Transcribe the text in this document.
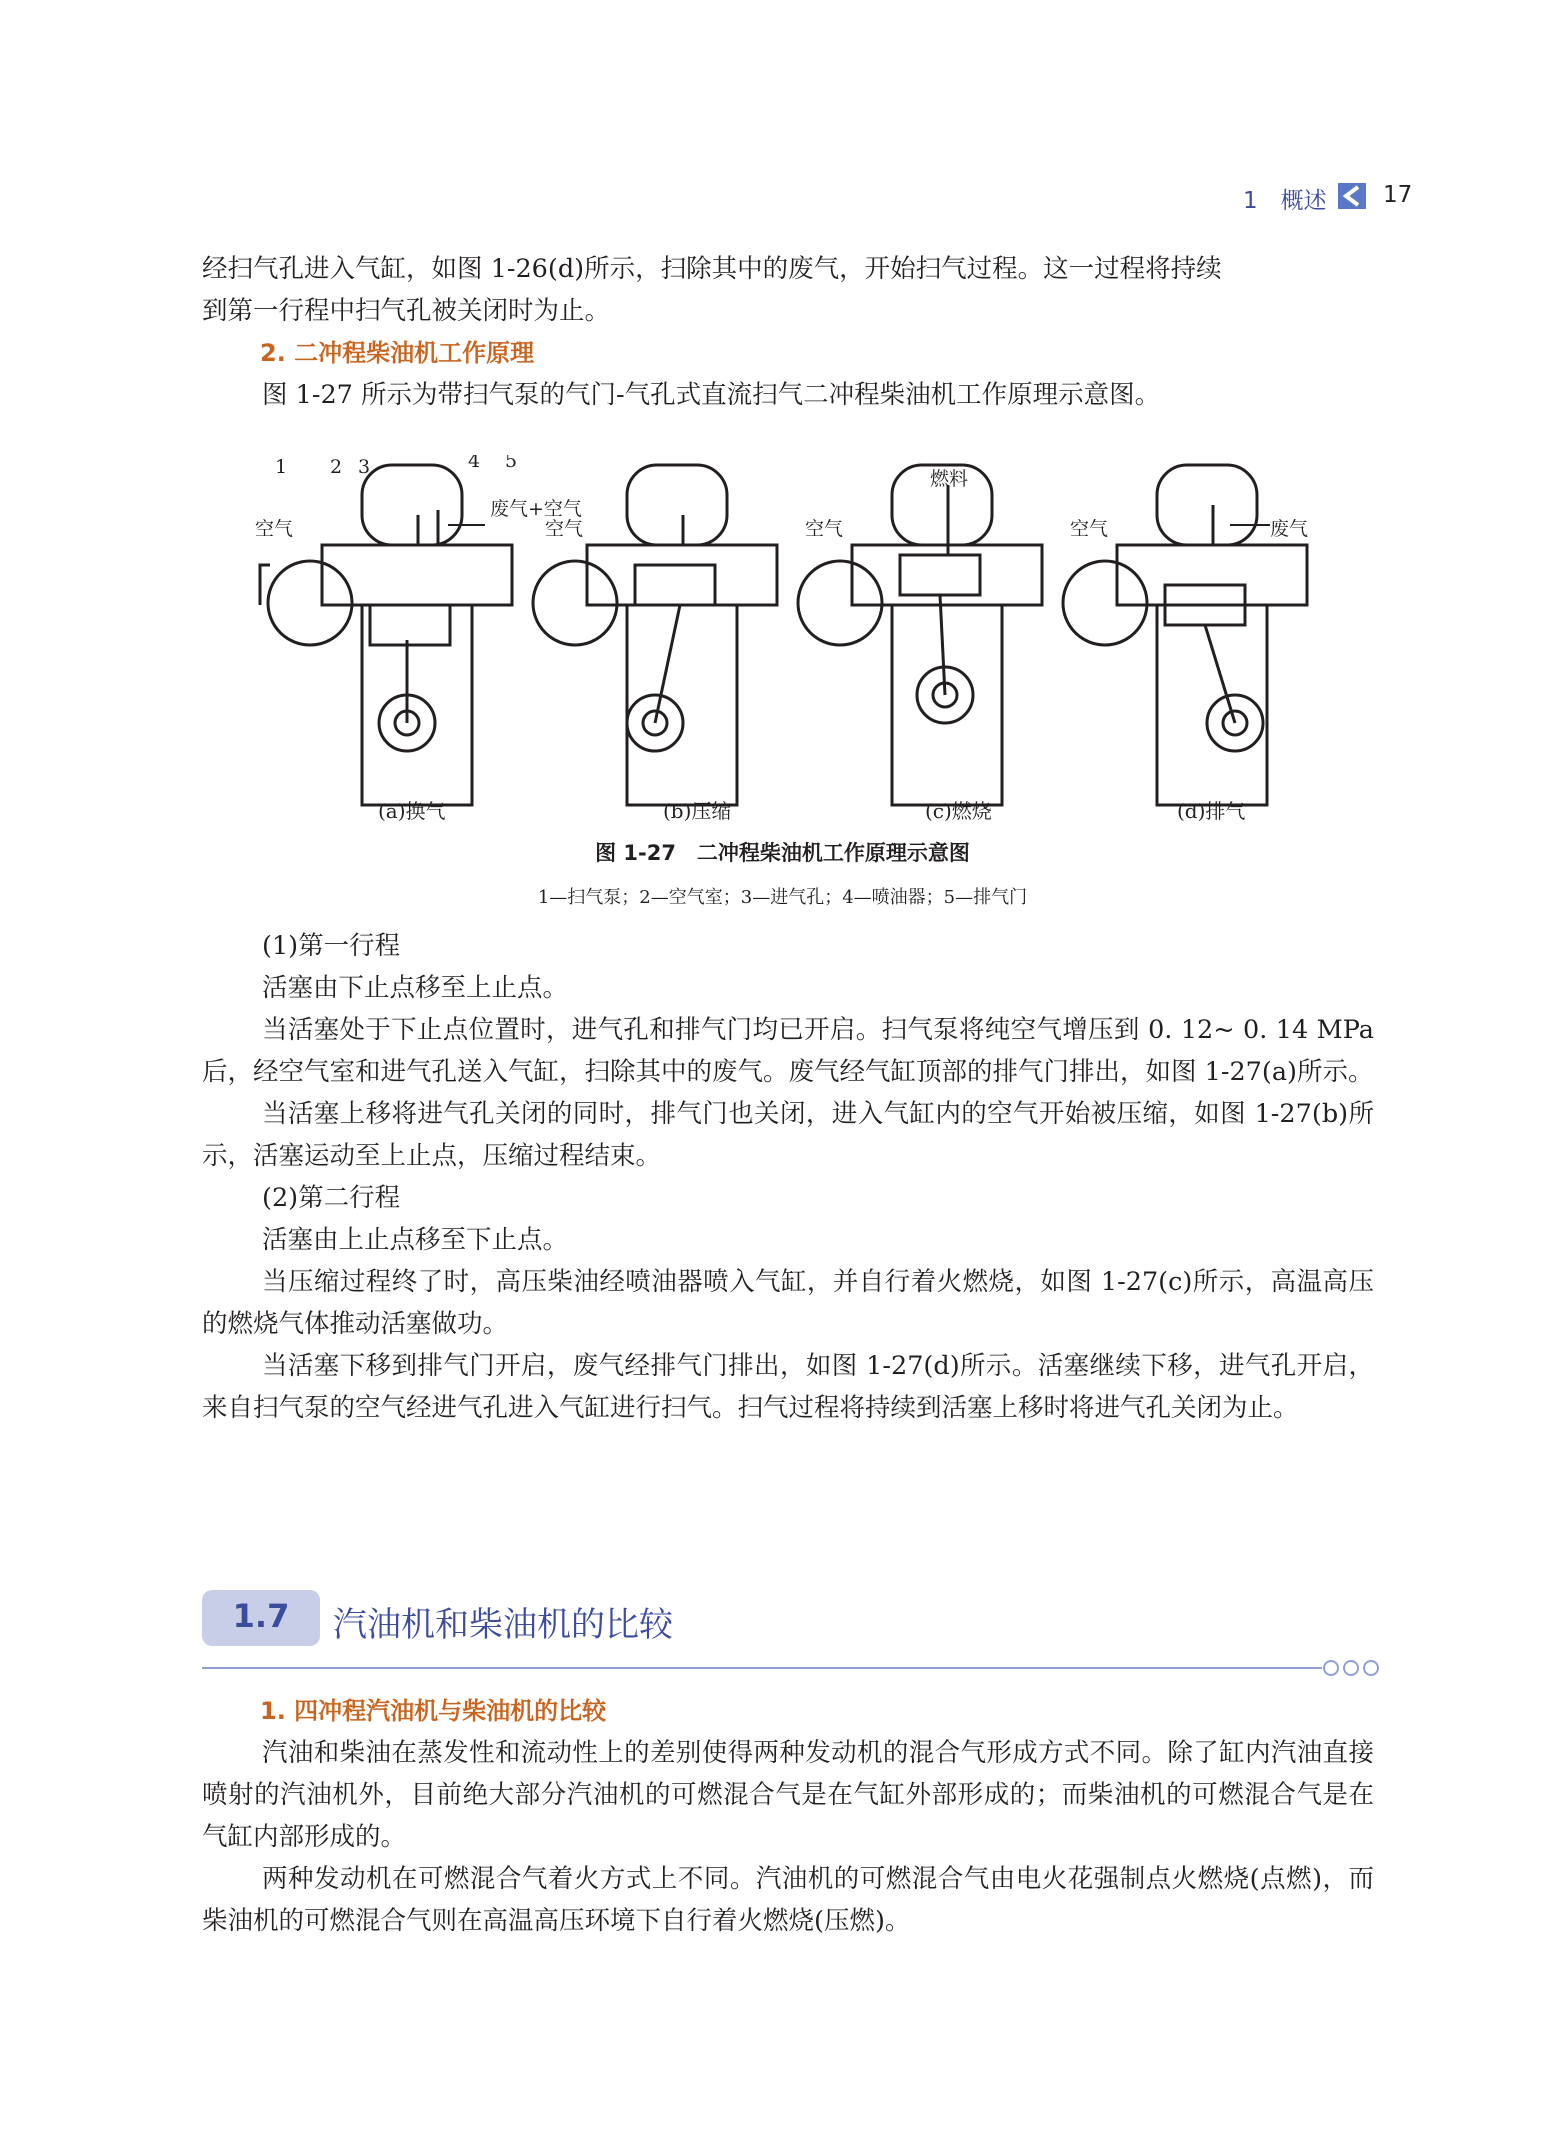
1　概述 17

经扫气孔进入气缸，如图 1-26(d)所示，扫除其中的废气，开始扫气过程。这一过程将持续

到第一行程中扫气孔被关闭时为止。

2. 二冲程柴油机工作原理

图 1-27 所示为带扫气泵的气门-气孔式直流扫气二冲程柴油机工作原理示意图。

1 2 3	4 5
空气
废气+空气
空气
燃料
空气	空气	废气
(a)换气	(b)压缩	(c)燃烧	(d)排气
图 1-27　二冲程柴油机工作原理示意图
1—扫气泵；2—空气室；3—进气孔；4—喷油器；5—排气门

(1)第一行程

活塞由下止点移至上止点。

当活塞处于下止点位置时，进气孔和排气门均已开启。扫气泵将纯空气增压到 0. 12~ 0. 14 MPa 后，经空气室和进气孔送入气缸，扫除其中的废气。废气经气缸顶部的排气门排出，如图 1-27(a)所示。

当活塞上移将进气孔关闭的同时，排气门也关闭，进入气缸内的空气开始被压缩，如图 1-27(b)所示，活塞运动至上止点，压缩过程结束。

(2)第二行程

活塞由上止点移至下止点。

当压缩过程终了时，高压柴油经喷油器喷入气缸，并自行着火燃烧，如图 1-27(c)所示，高温高压的燃烧气体推动活塞做功。

当活塞下移到排气门开启，废气经排气门排出，如图 1-27(d)所示。活塞继续下移，进气孔开启，来自扫气泵的空气经进气孔进入气缸进行扫气。扫气过程将持续到活塞上移时将进气孔关闭为止。

1.7	汽油机和柴油机的比较
1. 四冲程汽油机与柴油机的比较

汽油和柴油在蒸发性和流动性上的差别使得两种发动机的混合气形成方式不同。除了缸内汽油直接喷射的汽油机外，目前绝大部分汽油机的可燃混合气是在气缸外部形成的；而柴油机的可燃混合气是在气缸内部形成的。

两种发动机在可燃混合气着火方式上不同。汽油机的可燃混合气由电火花强制点火燃烧(点燃)，而柴油机的可燃混合气则在高温高压环境下自行着火燃烧(压燃)。
